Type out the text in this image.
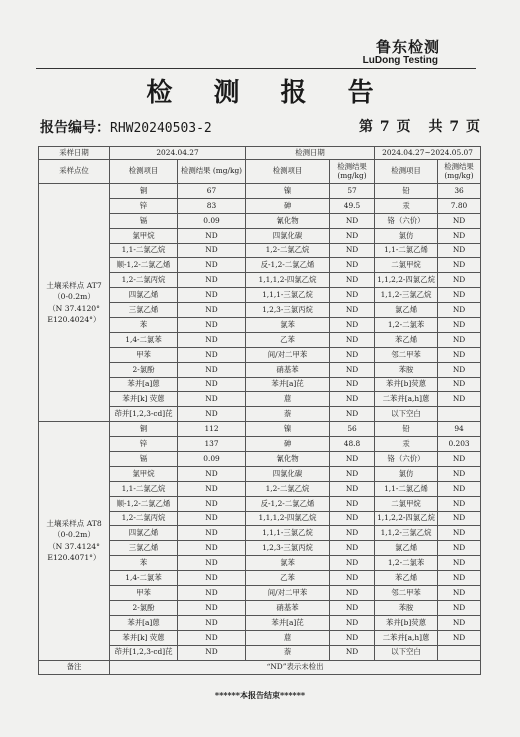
鲁东检测
LuDong Testing
检 测 报 告
报告编号：RHW20240503-2	第 7 页 共 7 页
采样日期	2024.04.27		检测日期		2024.04.27~2024.05.07	
采样点位	检测项目	检测结果 (mg/kg)	检测项目	检测结果 (mg/kg)	检测项目	检测结果 (mg/kg)
土壤采样点 AT7
（0-0.2m）
（N 37.4120°
E120.4024°）	铜	67	镍	57	铅	36
	锌	83	砷	49.5	汞	7.80
	镉	0.09	氰化物	ND	铬（六价）	ND
	氯甲烷	ND	四氯化碳	ND	氯仿	ND
	1,1-二氯乙烷	ND	1,2-二氯乙烷	ND	1,1-二氯乙烯	ND
	顺-1,2-二氯乙烯	ND	反-1,2-二氯乙烯	ND	二氯甲烷	ND
	1,2-二氯丙烷	ND	1,1,1,2-四氯乙烷	ND	1,1,2,2-四氯乙烷	ND
	四氯乙烯	ND	1,1,1-三氯乙烷	ND	1,1,2-三氯乙烷	ND
	三氯乙烯	ND	1,2,3-三氯丙烷	ND	氯乙烯	ND
	苯	ND	氯苯	ND	1,2-二氯苯	ND
	1,4-二氯苯	ND	乙苯	ND	苯乙烯	ND
	甲苯	ND	间/对二甲苯	ND	邻二甲苯	ND
	2-氯酚	ND	硝基苯	ND	苯胺	ND
	苯并[a]蒽	ND	苯并[a]芘	ND	苯并[b]荧蒽	ND
	苯并[k] 荧蒽	ND	䓛	ND	二苯并[a,h]蒽	ND
	茚并[1,2,3-cd]芘	ND	萘	ND	以下空白	
土壤采样点 AT8
（0-0.2m）
（N 37.4124°
E120.4071°）	铜	112	镍	56	铅	94
	锌	137	砷	48.8	汞	0.203
	镉	0.09	氰化物	ND	铬（六价）	ND
	氯甲烷	ND	四氯化碳	ND	氯仿	ND
	1,1-二氯乙烷	ND	1,2-二氯乙烷	ND	1,1-二氯乙烯	ND
	顺-1,2-二氯乙烯	ND	反-1,2-二氯乙烯	ND	二氯甲烷	ND
	1,2-二氯丙烷	ND	1,1,1,2-四氯乙烷	ND	1,1,2,2-四氯乙烷	ND
	四氯乙烯	ND	1,1,1-三氯乙烷	ND	1,1,2-三氯乙烷	ND
	三氯乙烯	ND	1,2,3-三氯丙烷	ND	氯乙烯	ND
	苯	ND	氯苯	ND	1,2-二氯苯	ND
	1,4-二氯苯	ND	乙苯	ND	苯乙烯	ND
	甲苯	ND	间/对二甲苯	ND	邻二甲苯	ND
	2-氯酚	ND	硝基苯	ND	苯胺	ND
	苯并[a]蒽	ND	苯并[a]芘	ND	苯并[b]荧蒽	ND
	苯并[k] 荧蒽	ND	䓛	ND	二苯并[a,h]蒽	ND
	茚并[1,2,3-cd]芘	ND	萘	ND	以下空白	
备注	“ND”表示未检出					
******本报告结束******
